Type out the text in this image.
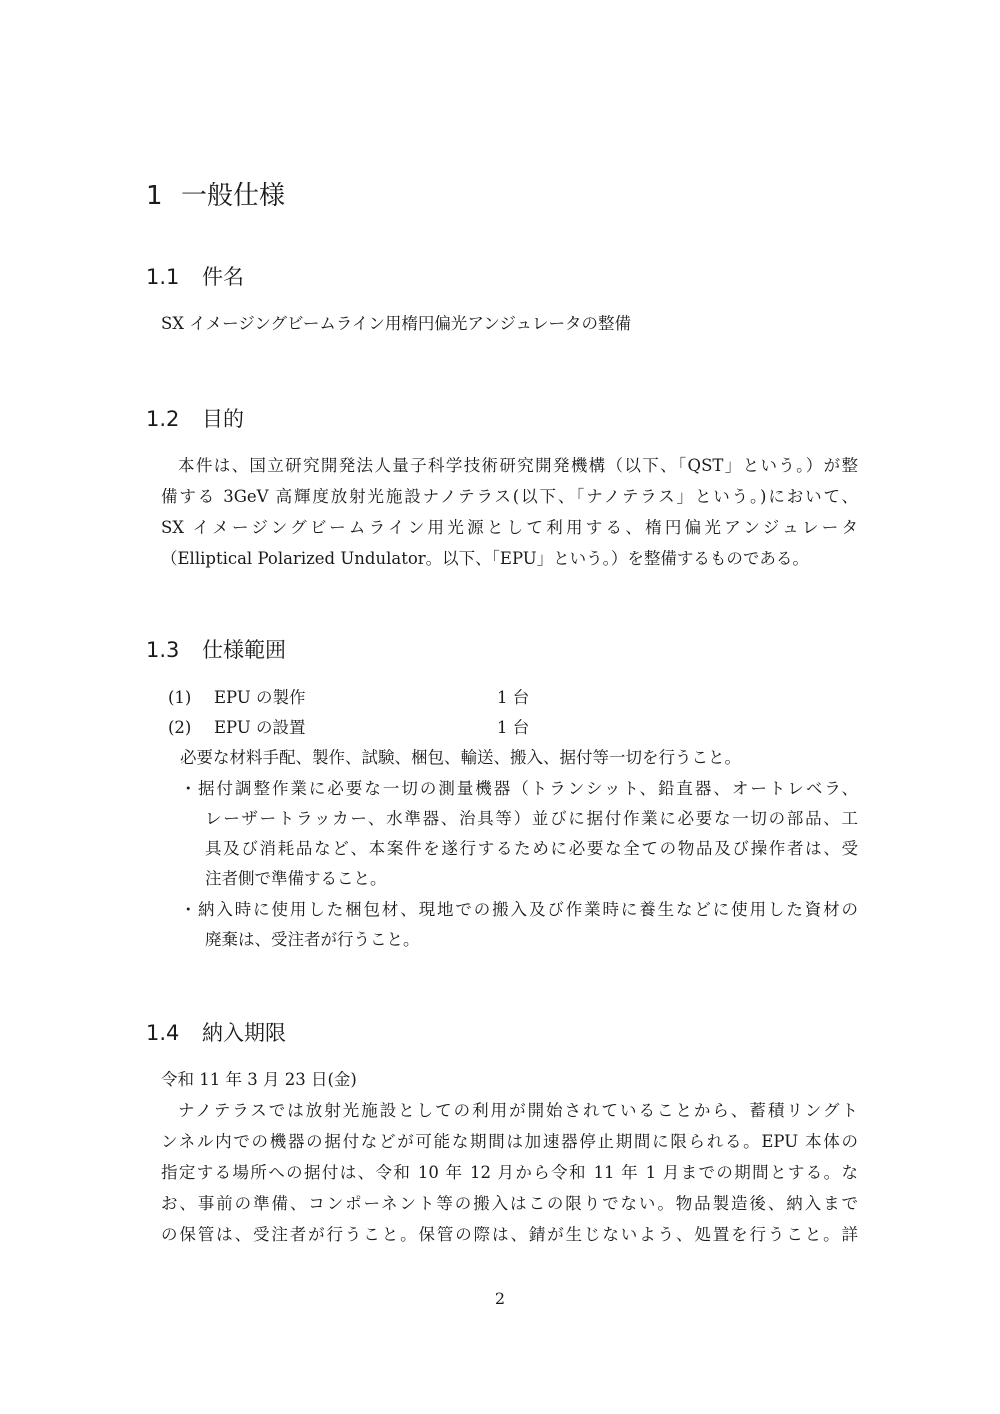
1 一般仕様
1.1 件名
SX イメージングビームライン用楕円偏光アンジュレータの整備
1.2 目的
本件は、国立研究開発法人量子科学技術研究開発機構（以下、「QST」という。）が整
備する 3GeV 高輝度放射光施設ナノテラス(以下、「ナノテラス」という。)において、
SX イメージングビームライン用光源として利用する、楕円偏光アンジュレータ
（Elliptical Polarized Undulator。以下、「EPU」という。）を整備するものである。
1.3 仕様範囲
(1) EPU の製作	1 台
(2) EPU の設置	1 台
必要な材料手配、製作、試験、梱包、輸送、搬入、据付等一切を行うこと。
・ 据付調整作業に必要な一切の測量機器（トランシット、鉛直器、オートレベラ、
レーザートラッカー、水準器、治具等）並びに据付作業に必要な一切の部品、工
具及び消耗品など、本案件を遂行するために必要な全ての物品及び操作者は、受
注者側で準備すること。
・ 納入時に使用した梱包材、現地での搬入及び作業時に養生などに使用した資材の
廃棄は、受注者が行うこと。
1.4 納入期限
令和 11 年 3 月 23 日(金)
ナノテラスでは放射光施設としての利用が開始されていることから、蓄積リングト
ンネル内での機器の据付などが可能な期間は加速器停止期間に限られる。EPU 本体の
指定する場所への据付は、令和 10 年 12 月から令和 11 年 1 月までの期間とする。な
お、事前の準備、コンポーネント等の搬入はこの限りでない。物品製造後、納入まで
の保管は、受注者が行うこと。保管の際は、錆が生じないよう、処置を行うこと。詳
2
